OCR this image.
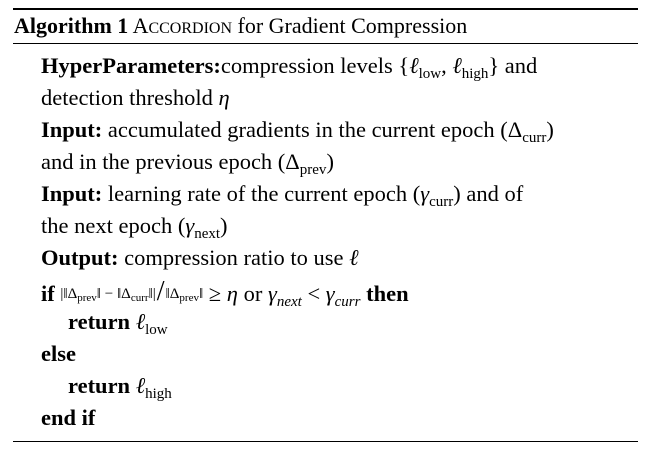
Algorithm 1 ACCORDION for Gradient Compression
HyperParameters:compression levels {ℓ$_{low}$, ℓ$_{high}$} and
detection threshold η
Input: accumulated gradients in the current epoch $(\Delta_{curr})$
and in the previous epoch $(\Delta_{prev})$
Input: learning rate of the current epoch $(\gamma_{curr})$ and of
the next epoch $(\gamma_{next})$
Output: compression ratio to use ℓ
if $|‖\Delta_{prev}‖$ − $‖\Delta_{curr}‖|/‖\Delta_{prev}‖ \ge \eta$ or $\gamma_{next} < \gamma_{curr}$ then
return ℓ$_{low}$
else
return ℓ$_{high}$
end if
